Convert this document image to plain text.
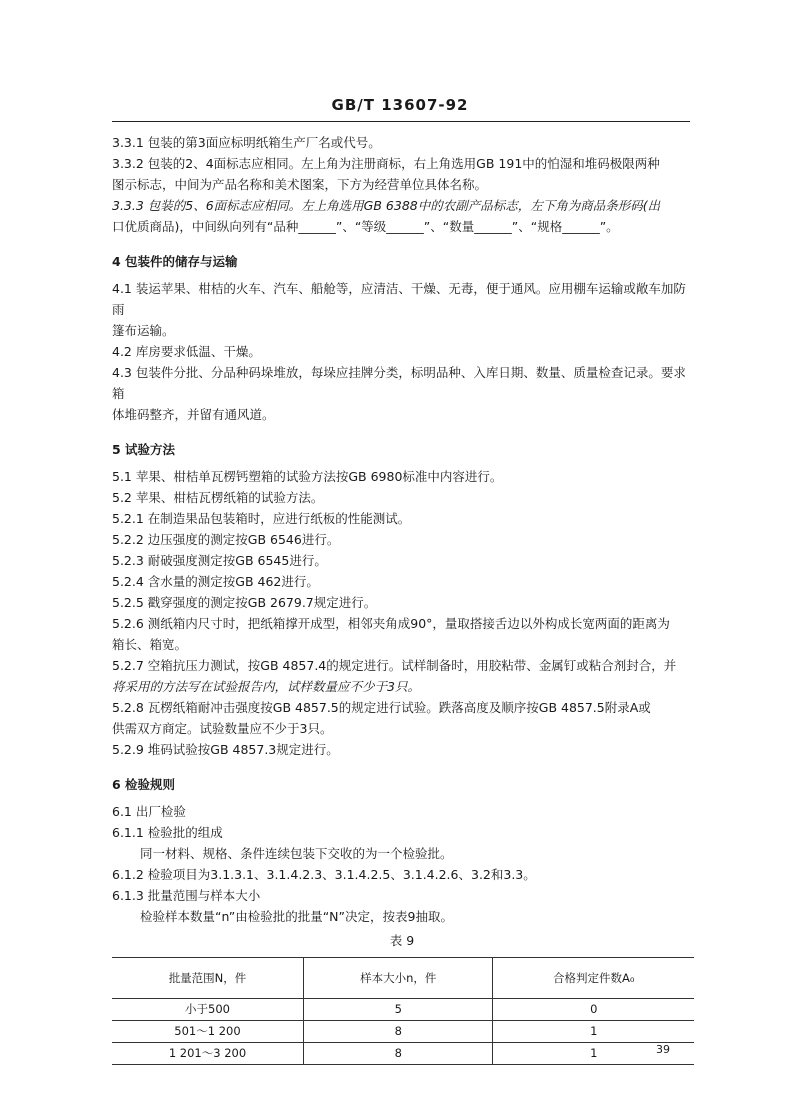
GB/T 13607-92

3.3.1 包装的第3面应标明纸箱生产厂名或代号。

3.3.2 包装的2、4面标志应相同。左上角为注册商标，右上角选用GB 191中的怕湿和堆码极限两种

图示标志，中间为产品名称和美术图案，下方为经营单位具体名称。

3.3.3 包装的5、6面标志应相同。左上角选用GB 6388中的农副产品标志，左下角为商品条形码(出

口优质商品)，中间纵向列有“品种______”、“等级______”、“数量______”、“规格______”。

4 包装件的储存与运输

4.1 装运苹果、柑桔的火车、汽车、船舱等，应清洁、干燥、无毒，便于通风。应用棚车运输或敞车加防雨

篷布运输。

4.2 库房要求低温、干燥。

4.3 包装件分批、分品种码垛堆放，每垛应挂牌分类，标明品种、入库日期、数量、质量检查记录。要求箱

体堆码整齐，并留有通风道。

5 试验方法

5.1 苹果、柑桔单瓦楞钙塑箱的试验方法按GB 6980标准中内容进行。

5.2 苹果、柑桔瓦楞纸箱的试验方法。

5.2.1 在制造果品包装箱时，应进行纸板的性能测试。

5.2.2 边压强度的测定按GB 6546进行。

5.2.3 耐破强度测定按GB 6545进行。

5.2.4 含水量的测定按GB 462进行。

5.2.5 戳穿强度的测定按GB 2679.7规定进行。

5.2.6 测纸箱内尺寸时，把纸箱撑开成型，相邻夹角成90°，量取搭接舌边以外构成长宽两面的距离为

箱长、箱宽。

5.2.7 空箱抗压力测试，按GB 4857.4的规定进行。试样制备时，用胶粘带、金属钉或粘合剂封合，并

将采用的方法写在试验报告内，试样数量应不少于3只。

5.2.8 瓦楞纸箱耐冲击强度按GB 4857.5的规定进行试验。跌落高度及顺序按GB 4857.5附录A或

供需双方商定。试验数量应不少于3只。

5.2.9 堆码试验按GB 4857.3规定进行。

6 检验规则

6.1 出厂检验

6.1.1 检验批的组成

同一材料、规格、条件连续包装下交收的为一个检验批。

6.1.2 检验项目为3.1.3.1、3.1.4.2.3、3.1.4.2.5、3.1.4.2.6、3.2和3.3。

6.1.3 批量范围与样本大小

检验样本数量“n”由检验批的批量“N”决定，按表9抽取。

表 9

批量范围N，件	样本大小n，件	合格判定件数A₀
小于500	5	0
501～1 200	8	1
1 201～3 200	8	1	39
